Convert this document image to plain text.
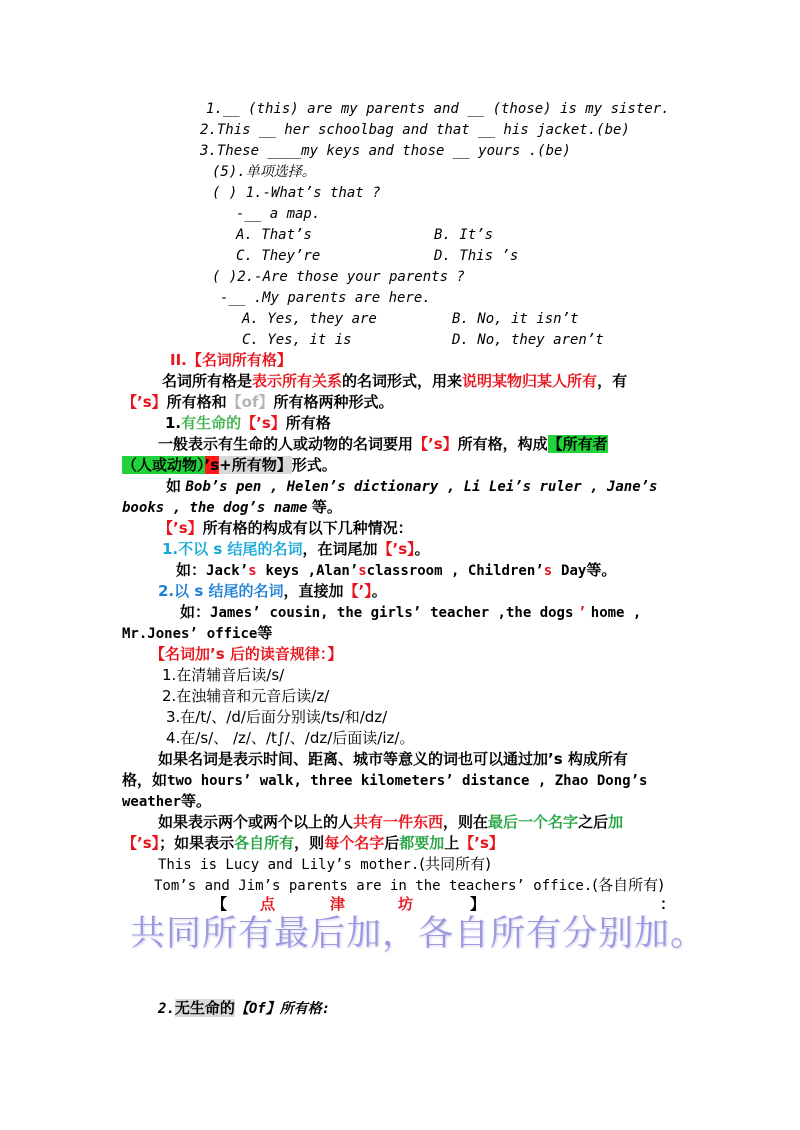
1.__ (this) are my parents and __ (those) is my sister.
2.This __ her schoolbag and that __ his jacket.(be)
3.These ____my keys and those __ yours .(be)
(5).单项选择。
( ) 1.-What’s that ?
-__ a map.
A. That’s	B. It’s
C. They’re	D. This ’s
( )2.-Are those your parents ?
-__ .My parents are here.
A. Yes, they are	B. No, it isn’t
C. Yes, it is	D. No, they aren’t
II.【名词所有格】
名词所有格是表示所有关系的名词形式，用来说明某物归某人所有，有
【’s】所有格和【of】所有格两种形式。
1.有生命的【’s】所有格
一般表示有生命的人或动物的名词要用【’s】所有格，构成【所有者
（人或动物）’s+所有物】形式。
如 Bob’s pen , Helen’s dictionary , Li Lei’s ruler , Jane’s
books , the dog’s name 等。
【’s】所有格的构成有以下几种情况：
1.不以 s 结尾的名词，在词尾加【’s】。
如：Jack’s keys ,Alan’sclassroom , Children’s Day等。
2.以 s 结尾的名词，直接加【’】。
如：James’ cousin, the girls’ teacher ,the dogs ’ home ,
Mr.Jones’ office等
【名词加’s 后的读音规律：】
1.在清辅音后读/s/
2.在浊辅音和元音后读/z/
3.在/t/、/d/后面分别读/ts/和/dz/
4.在/s/、 /z/、/t∫/、/dz/后面读/iz/。
如果名词是表示时间、距离、城市等意义的词也可以通过加’s 构成所有
格，如two hours’ walk, three kilometers’ distance , Zhao Dong’s
weather等。
如果表示两个或两个以上的人共有一件东西，则在最后一个名字之后加
【’s】；如果表示各自所有，则每个名字后都要加上【’s】
This is Lucy and Lily’s mother.(共同所有)
Tom’s and Jim’s parents are in the teachers’ office.(各自所有)
【 点	津	坊	】	：
共同所有最后加，各自所有分别加。
2.无生命的【Of】所有格:
